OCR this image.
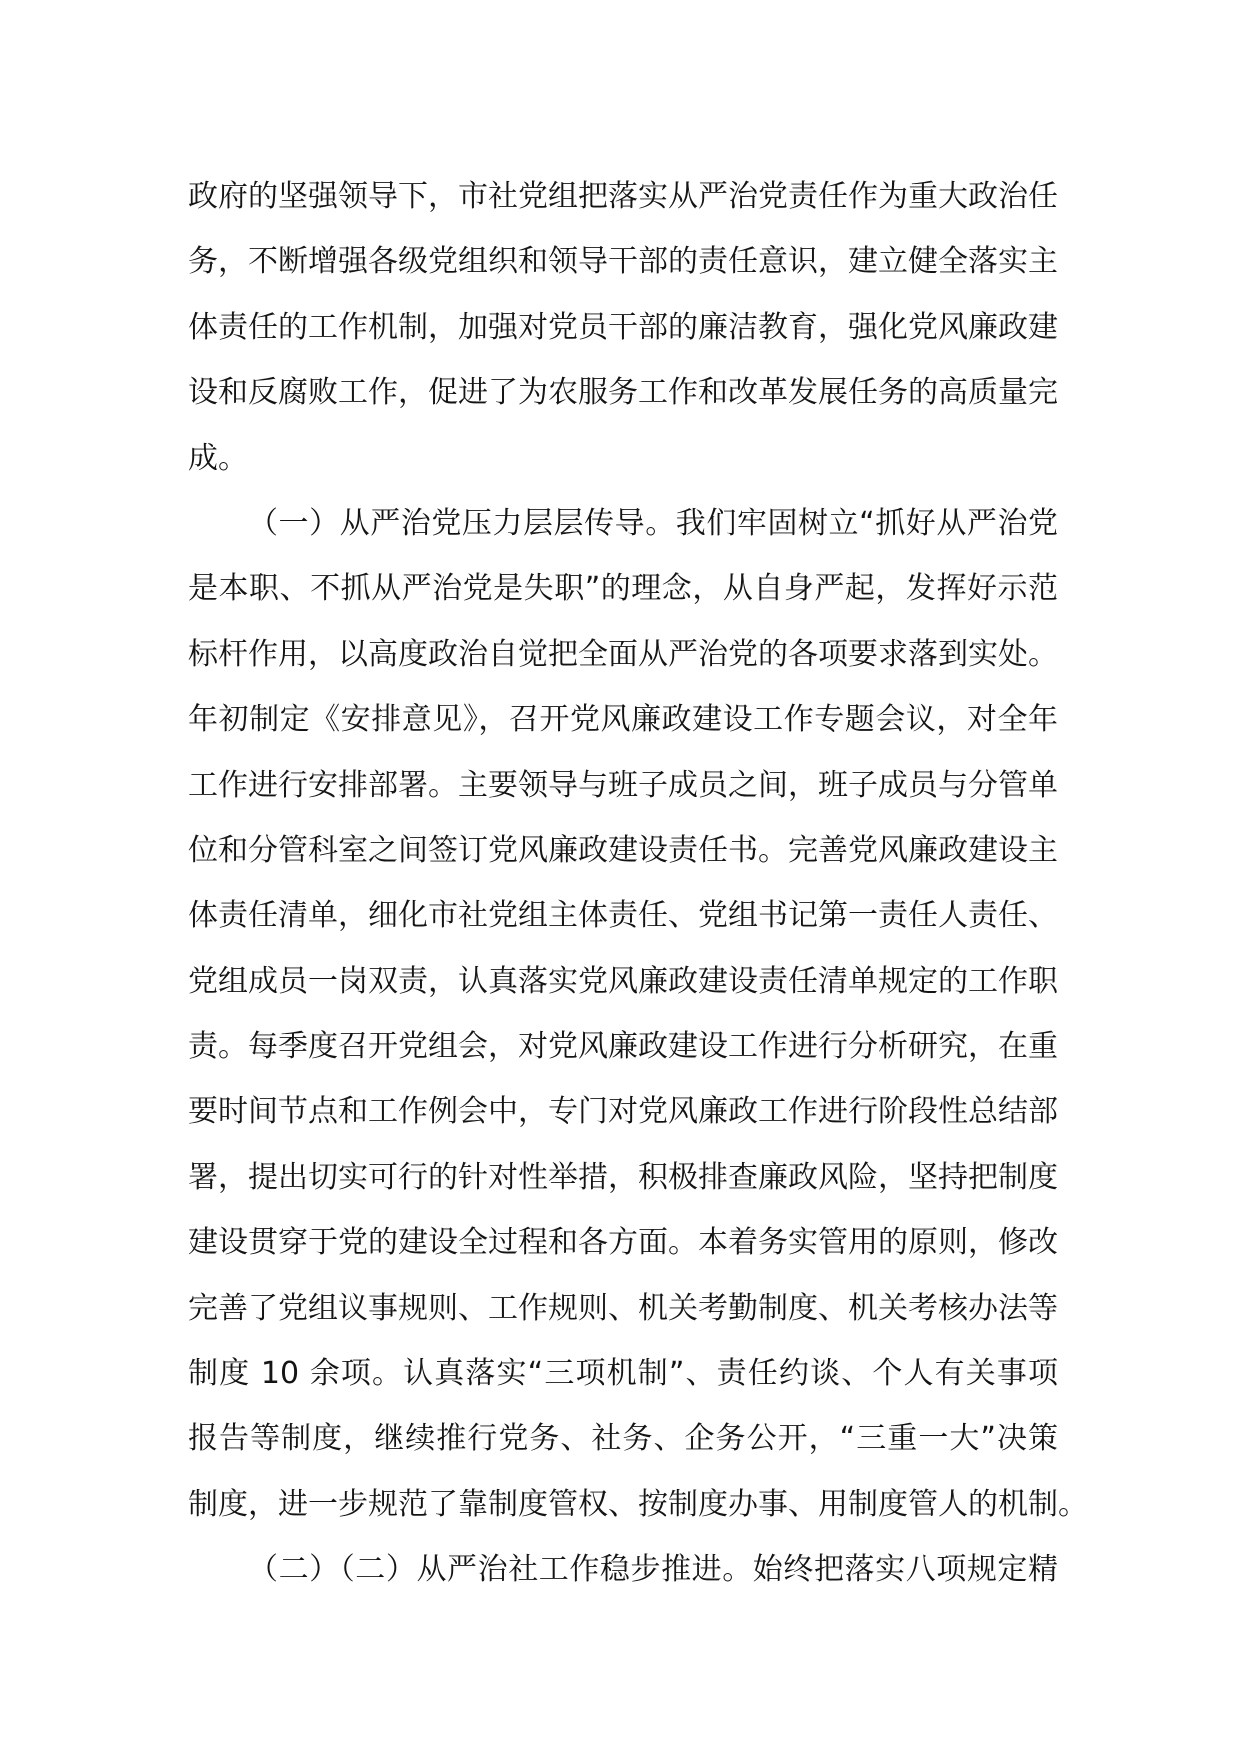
政府的坚强领导下，市社党组把落实从严治党责任作为重大政治任
务，不断增强各级党组织和领导干部的责任意识，建立健全落实主
体责任的工作机制，加强对党员干部的廉洁教育，强化党风廉政建
设和反腐败工作，促进了为农服务工作和改革发展任务的高质量完
成。
（一）从严治党压力层层传导。我们牢固树立“抓好从严治党
是本职、不抓从严治党是失职”的理念，从自身严起，发挥好示范
标杆作用，以高度政治自觉把全面从严治党的各项要求落到实处。
年初制定《安排意见》，召开党风廉政建设工作专题会议，对全年
工作进行安排部署。主要领导与班子成员之间，班子成员与分管单
位和分管科室之间签订党风廉政建设责任书。完善党风廉政建设主
体责任清单，细化市社党组主体责任、党组书记第一责任人责任、
党组成员一岗双责，认真落实党风廉政建设责任清单规定的工作职
责。每季度召开党组会，对党风廉政建设工作进行分析研究，在重
要时间节点和工作例会中，专门对党风廉政工作进行阶段性总结部
署，提出切实可行的针对性举措，积极排查廉政风险，坚持把制度
建设贯穿于党的建设全过程和各方面。本着务实管用的原则，修改
完善了党组议事规则、工作规则、机关考勤制度、机关考核办法等
制度 10 余项。认真落实“三项机制”、责任约谈、个人有关事项
报告等制度，继续推行党务、社务、企务公开，“三重一大”决策
制度，进一步规范了靠制度管权、按制度办事、用制度管人的机制。
（二）（二）从严治社工作稳步推进。始终把落实八项规定精
